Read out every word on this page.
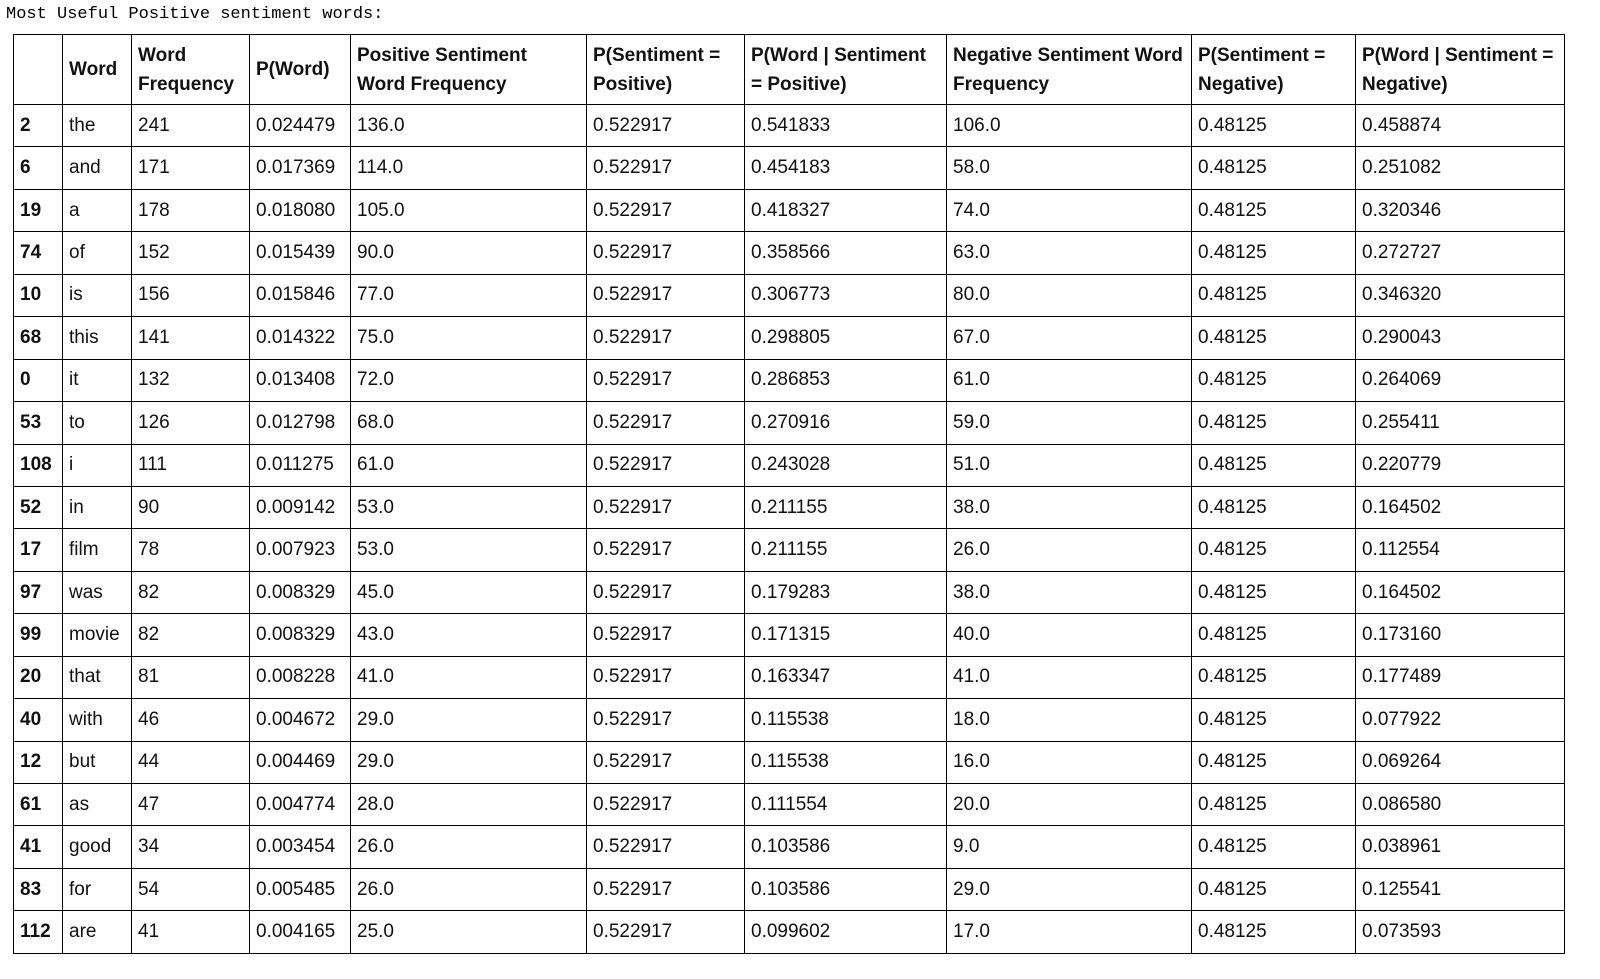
Most Useful Positive sentiment words:
	Word	Word Frequency	P(Word)	Positive Sentiment Word Frequency	P(Sentiment = Positive)	P(Word | Sentiment = Positive)	Negative Sentiment Word Frequency	P(Sentiment = Negative)	P(Word | Sentiment = Negative)
2	the	241	0.024479	136.0	0.522917	0.541833	106.0	0.48125	0.458874
6	and	171	0.017369	114.0	0.522917	0.454183	58.0	0.48125	0.251082
19	a	178	0.018080	105.0	0.522917	0.418327	74.0	0.48125	0.320346
74	of	152	0.015439	90.0	0.522917	0.358566	63.0	0.48125	0.272727
10	is	156	0.015846	77.0	0.522917	0.306773	80.0	0.48125	0.346320
68	this	141	0.014322	75.0	0.522917	0.298805	67.0	0.48125	0.290043
0	it	132	0.013408	72.0	0.522917	0.286853	61.0	0.48125	0.264069
53	to	126	0.012798	68.0	0.522917	0.270916	59.0	0.48125	0.255411
108	i	111	0.011275	61.0	0.522917	0.243028	51.0	0.48125	0.220779
52	in	90	0.009142	53.0	0.522917	0.211155	38.0	0.48125	0.164502
17	film	78	0.007923	53.0	0.522917	0.211155	26.0	0.48125	0.112554
97	was	82	0.008329	45.0	0.522917	0.179283	38.0	0.48125	0.164502
99	movie	82	0.008329	43.0	0.522917	0.171315	40.0	0.48125	0.173160
20	that	81	0.008228	41.0	0.522917	0.163347	41.0	0.48125	0.177489
40	with	46	0.004672	29.0	0.522917	0.115538	18.0	0.48125	0.077922
12	but	44	0.004469	29.0	0.522917	0.115538	16.0	0.48125	0.069264
61	as	47	0.004774	28.0	0.522917	0.111554	20.0	0.48125	0.086580
41	good	34	0.003454	26.0	0.522917	0.103586	9.0	0.48125	0.038961
83	for	54	0.005485	26.0	0.522917	0.103586	29.0	0.48125	0.125541
112	are	41	0.004165	25.0	0.522917	0.099602	17.0	0.48125	0.073593
